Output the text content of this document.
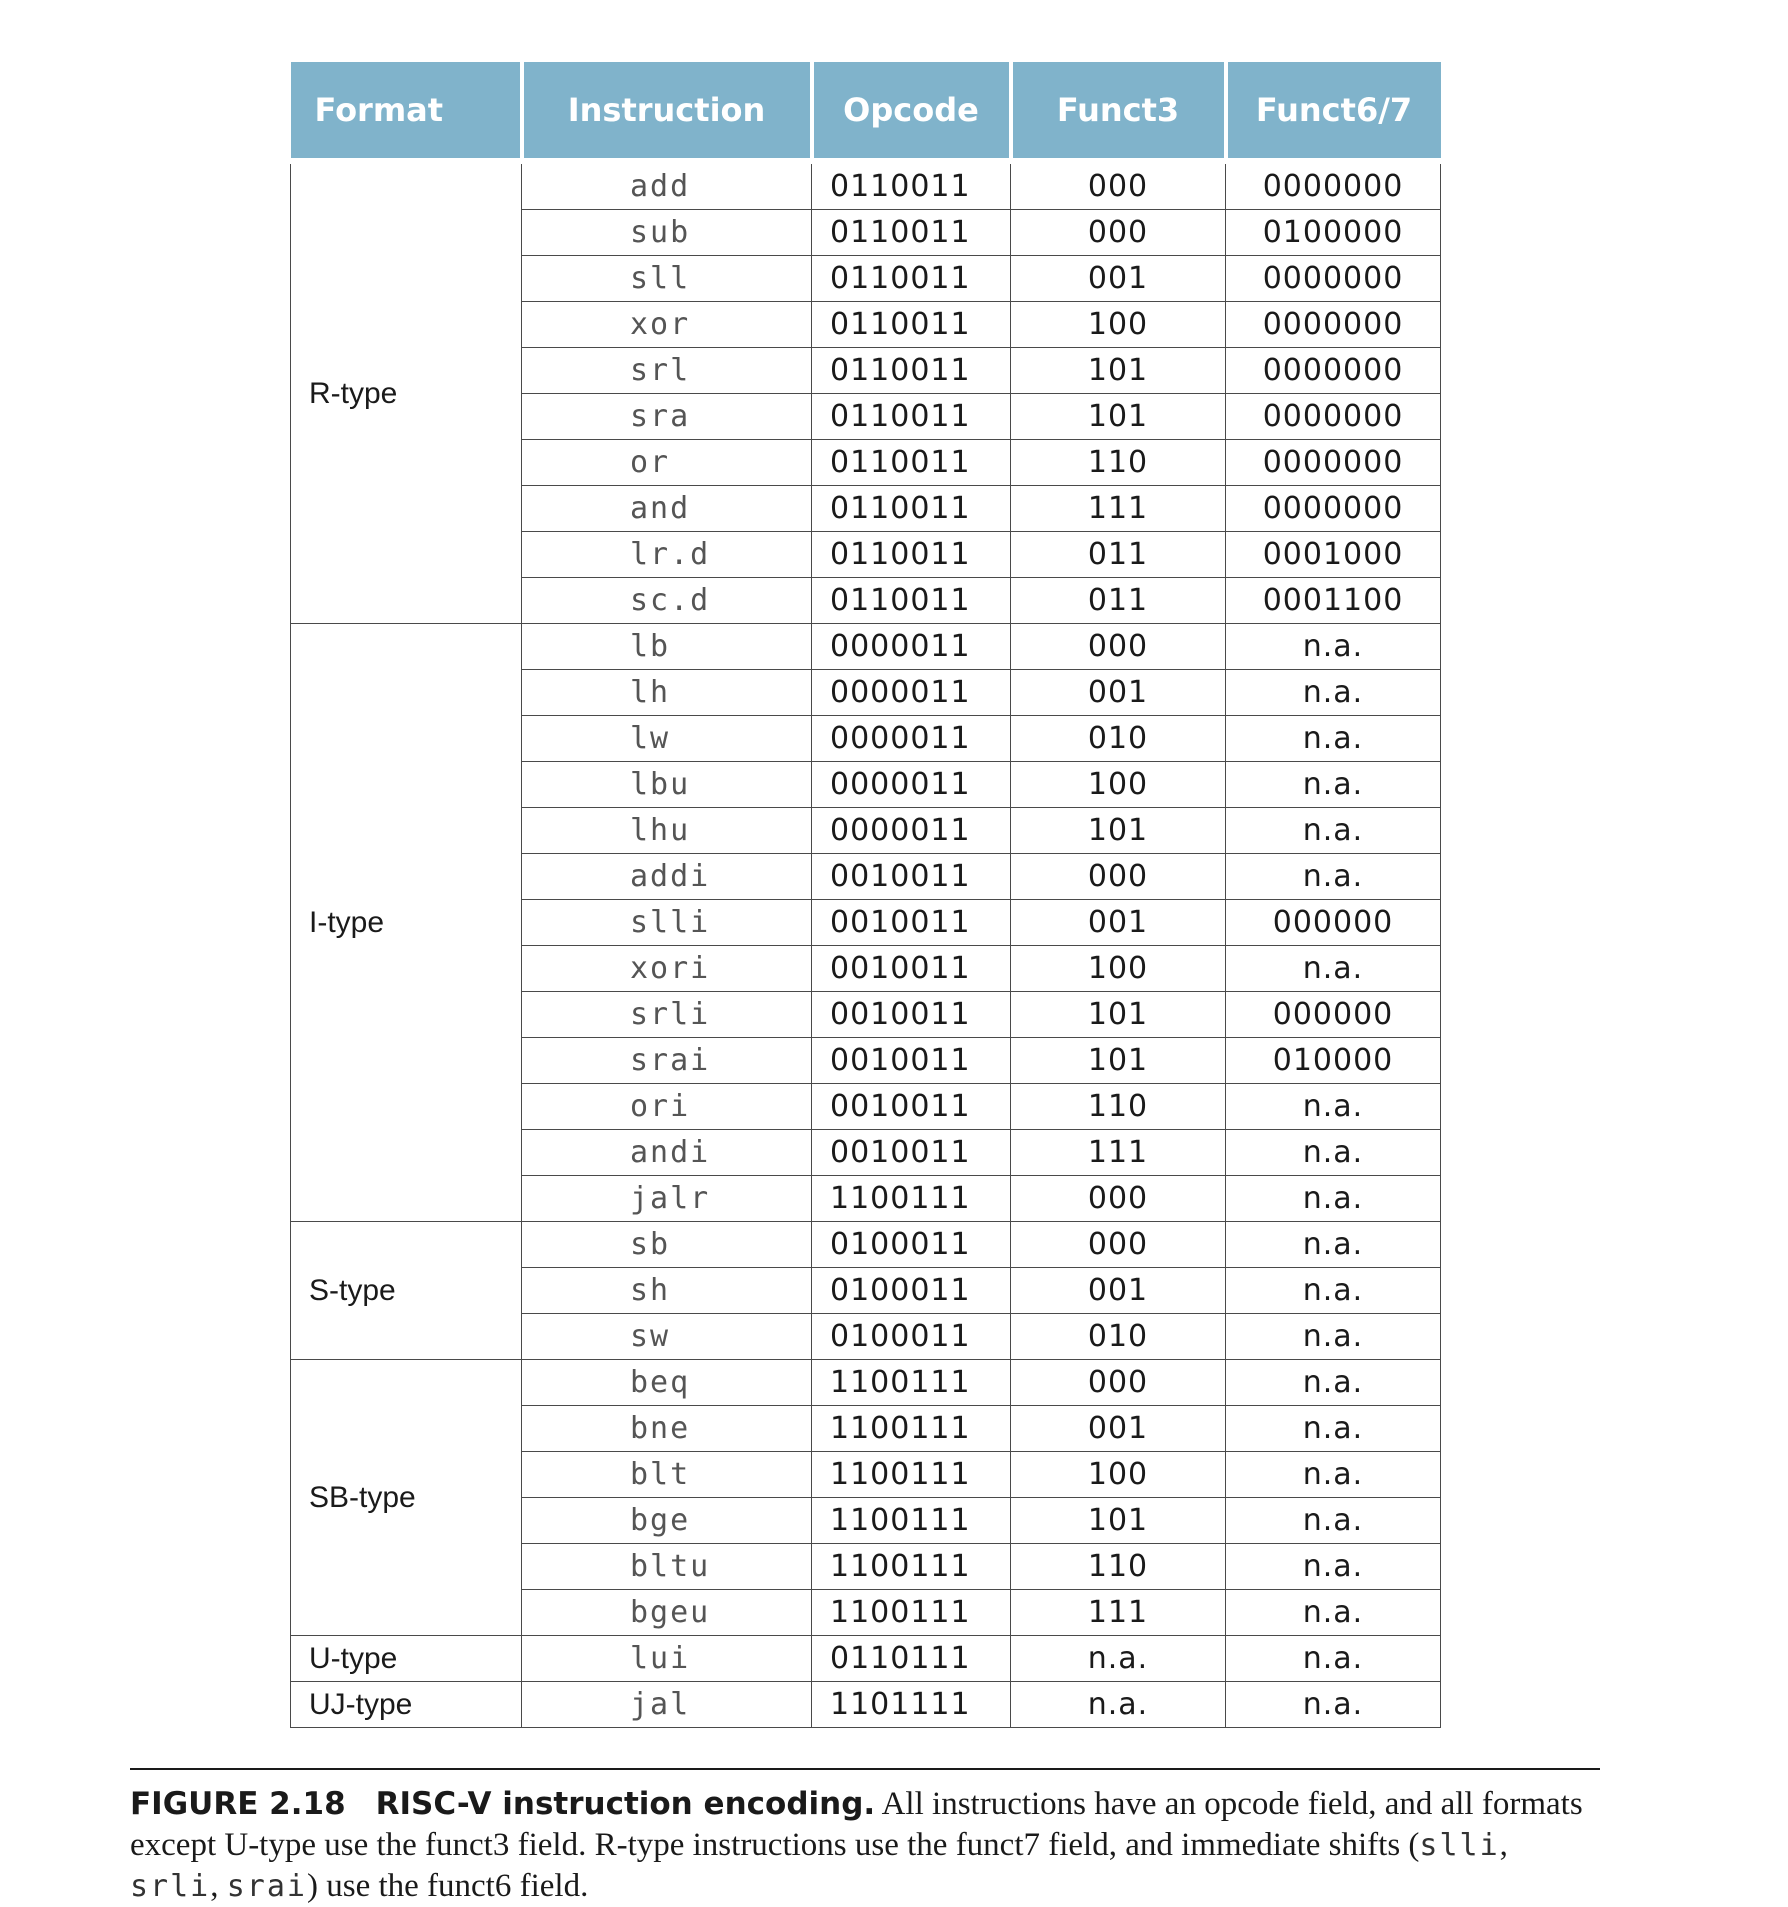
Format	Instruction	Opcode	Funct3	Funct6/7
R-type	add	0110011	000	0000000
	sub	0110011	000	0100000
	sll	0110011	001	0000000
	xor	0110011	100	0000000
	srl	0110011	101	0000000
	sra	0110011	101	0000000
	or	0110011	110	0000000
	and	0110011	111	0000000
	lr.d	0110011	011	0001000
	sc.d	0110011	011	0001100
I-type	lb	0000011	000	n.a.
	lh	0000011	001	n.a.
	lw	0000011	010	n.a.
	lbu	0000011	100	n.a.
	lhu	0000011	101	n.a.
	addi	0010011	000	n.a.
	slli	0010011	001	000000
	xori	0010011	100	n.a.
	srli	0010011	101	000000
	srai	0010011	101	010000
	ori	0010011	110	n.a.
	andi	0010011	111	n.a.
	jalr	1100111	000	n.a.
S-type	sb	0100011	000	n.a.
	sh	0100011	001	n.a.
	sw	0100011	010	n.a.
SB-type	beq	1100111	000	n.a.
	bne	1100111	001	n.a.
	blt	1100111	100	n.a.
	bge	1100111	101	n.a.
	bltu	1100111	110	n.a.
	bgeu	1100111	111	n.a.
U-type	lui	0110111	n.a.	n.a.
UJ-type	jal	1101111	n.a.	n.a.
FIGURE 2.18 RISC-V instruction encoding. All instructions have an opcode field, and all formats except U-type use the funct3 field. R-type instructions use the funct7 field, and immediate shifts (slli, srli, srai) use the funct6 field.
